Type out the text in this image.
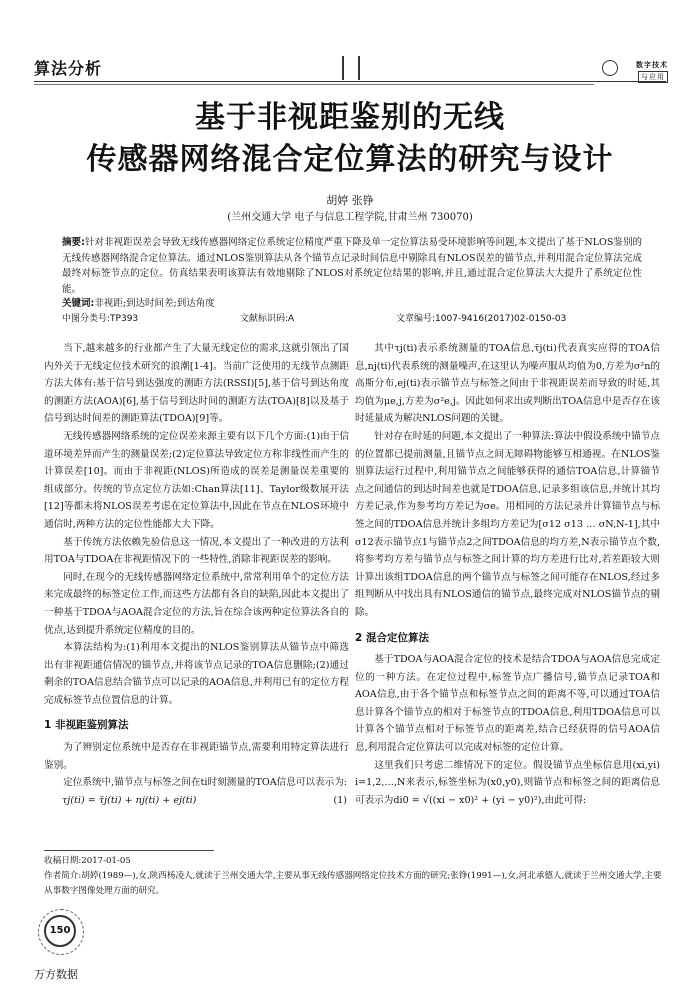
算法分析	数字技术
与应用
基于非视距鉴别的无线
传感器网络混合定位算法的研究与设计
胡婷 张铮
(兰州交通大学 电子与信息工程学院,甘肃兰州 730070)
摘要:针对非视距误差会导致无线传感器网络定位系统定位精度严重下降及单一定位算法易受环境影响等问题,本文提出了基于NLOS鉴别的无线传感器网络混合定位算法。通过NLOS鉴别算法从各个锚节点记录时间信息中剔除具有NLOS误差的锚节点,并利用混合定位算法完成最终对标签节点的定位。仿真结果表明该算法有效地剔除了NLOS对系统定位结果的影响,并且,通过混合定位算法大大提升了系统定位性能。
关键词:非视距;到达时间差;到达角度
中图分类号:TP393	文献标识码:A	文章编号:1007-9416(2017)02-0150-03

当下,越来越多的行业都产生了大量无线定位的需求,这就引领出了国内外关于无线定位技术研究的浪潮[1-4]。当前广泛使用的无线节点测距方法大体有:基于信号到达强度的测距方法(RSSI)[5],基于信号到达角度的测距方法(AOA)[6],基于信号到达时间的测距方法(TOA)[8]以及基于信号到达时间差的测距算法(TDOA)[9]等。

无线传感器网络系统的定位误差来源主要有以下几个方面:(1)由于信道环境差异而产生的测量误差;(2)定位算法导致定位方称非线性而产生的计算误差[10]。而由于非视距(NLOS)所造成的误差是测量误差重要的组成部分。传统的节点定位方法如:Chan算法[11]、Taylor级数展开法[12]等都未将NLOS误差考虑在定位算法中,因此在节点在NLOS环境中通信时,两种方法的定位性能都大大下降。

基于传统方法依赖先验信息这一情况,本文提出了一种改进的方法利用TOA与TDOA在非视距情况下的一些特性,消除非视距误差的影响。

同时,在现今的无线传感器网络定位系统中,常常利用单个的定位方法来完成最终的标签定位工作,而这些方法都有各自的缺陷,因此本文提出了一种基于TDOA与AOA混合定位的方法,旨在综合该两种定位算法各自的优点,达到提升系统定位精度的目的。

本算法结构为:(1)利用本文提出的NLOS鉴别算法从锚节点中筛选出有非视距通信情况的锚节点,并将该节点记录的TOA信息删除;(2)通过剩余的TOA信息结合锚节点可以记录的AOA信息,并利用已有的定位方程完成标签节点位置信息的计算。

1 非视距鉴别算法

为了辨别定位系统中是否存在非视距锚节点,需要利用特定算法进行鉴别。

定位系统中,锚节点与标签之间在ti时刻测量的TOA信息可以表示为:

τj(ti) = τ̄j(ti) + nj(ti) + ej(ti)	(1)

其中τj(ti)表示系统测量的TOA信息,τ̄j(ti)代表真实应得的TOA信息,nj(ti)代表系统的测量噪声,在这里认为噪声服从均值为0,方差为σ²n的高斯分布,ej(ti)表示锚节点与标签之间由于非视距误差而导致的时延,其均值为μe,j,方差为σ²e,j。因此如何求出或判断出TOA信息中是否存在该时延量成为解决NLOS问题的关键。

针对存在时延的问题,本文提出了一种算法:算法中假设系统中锚节点的位置都已提前测量,且锚节点之间无障碍物能够互相通视。在NLOS鉴别算法运行过程中,利用锚节点之间能够获得的通信TOA信息,计算锚节点之间通信的到达时间差也就是TDOA信息,记录多组该信息,并统计其均方差记录,作为参考均方差记为σe。用相同的方法记录并计算锚节点与标签之间的TDOA信息并统计多组均方差记为[σ12 σ13 … σN,N-1],其中σ12表示锚节点1与锚节点2之间TDOA信息的均方差,N表示锚节点个数,将参考均方差与锚节点与标签之间计算的均方差进行比对,若差距较大则计算出该组TDOA信息的两个锚节点与标签之间可能存在NLOS,经过多组判断从中找出具有NLOS通信的锚节点,最终完成对NLOS锚节点的剔除。

2 混合定位算法

基于TDOA与AOA混合定位的技术是结合TDOA与AOA信息完成定位的一种方法。在定位过程中,标签节点广播信号,锚节点记录TOA和AOA信息,由于各个锚节点和标签节点之间的距离不等,可以通过TOA信息计算各个锚节点的相对于标签节点的TDOA信息,利用TDOA信息可以计算各个锚节点相对于标签节点的距离差,结合已经获得的信号AOA信息,利用混合定位算法可以完成对标签的定位计算。

这里我们只考虑二维情况下的定位。假设锚节点坐标信息用(xi,yi) i=1,2,…,N来表示,标签坐标为(x0,y0),则锚节点和标签之间的距离信息可表示为di0 = √((xi − x0)² + (yi − y0)²),由此可得:

收稿日期:2017-01-05
作者简介:胡婷(1989—),女,陕西杨凌人,就读于兰州交通大学,主要从事无线传感器网络定位技术方面的研究;张铮(1991—),女,河北承德人,就读于兰州交通大学,主要从事数字图像处理方面的研究。
150
万方数据
